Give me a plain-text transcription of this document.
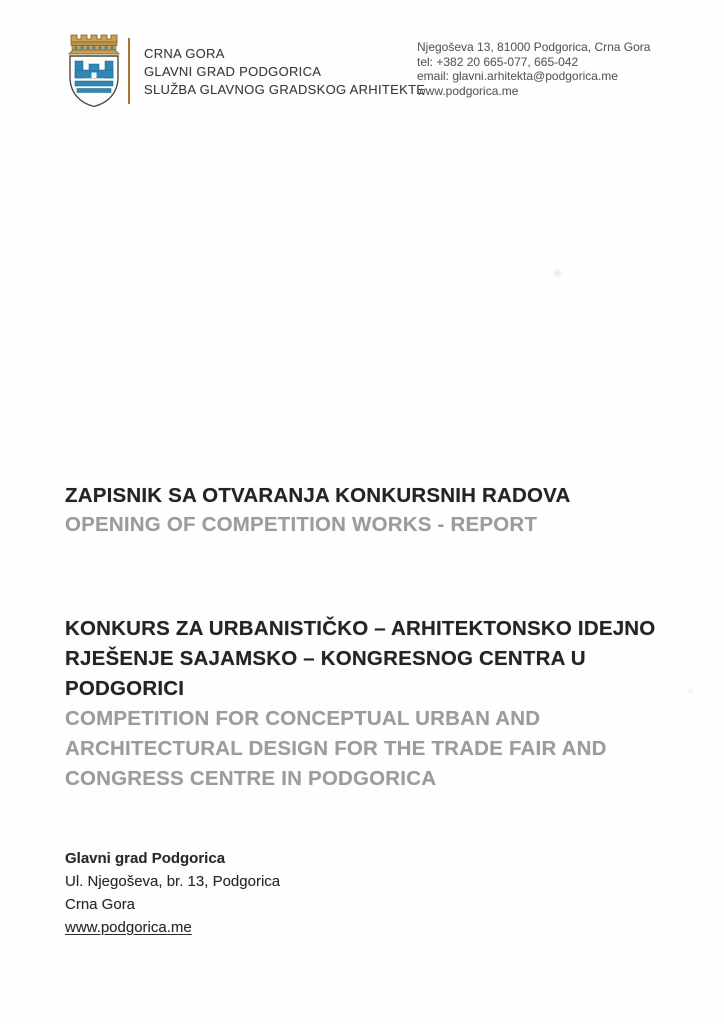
CRNA GORA
GLAVNI GRAD PODGORICA
SLUŽBA GLAVNOG GRADSKOG ARHITEKTE
Njegoševa 13, 81000 Podgorica, Crna Gora
tel: +382 20 665-077, 665-042
email: glavni.arhitekta@podgorica.me
www.podgorica.me
ZAPISNIK SA OTVARANJA KONKURSNIH RADOVA
OPENING OF COMPETITION WORKS - REPORT
KONKURS ZA URBANISTIČKO – ARHITEKTONSKO IDEJNO
RJEŠENJE SAJAMSKO – KONGRESNOG CENTRA U
PODGORICI
COMPETITION FOR CONCEPTUAL URBAN AND
ARCHITECTURAL DESIGN FOR THE TRADE FAIR AND
CONGRESS CENTRE IN PODGORICA
Glavni grad Podgorica
Ul. Njegoševa, br. 13, Podgorica
Crna Gora
www.podgorica.me
